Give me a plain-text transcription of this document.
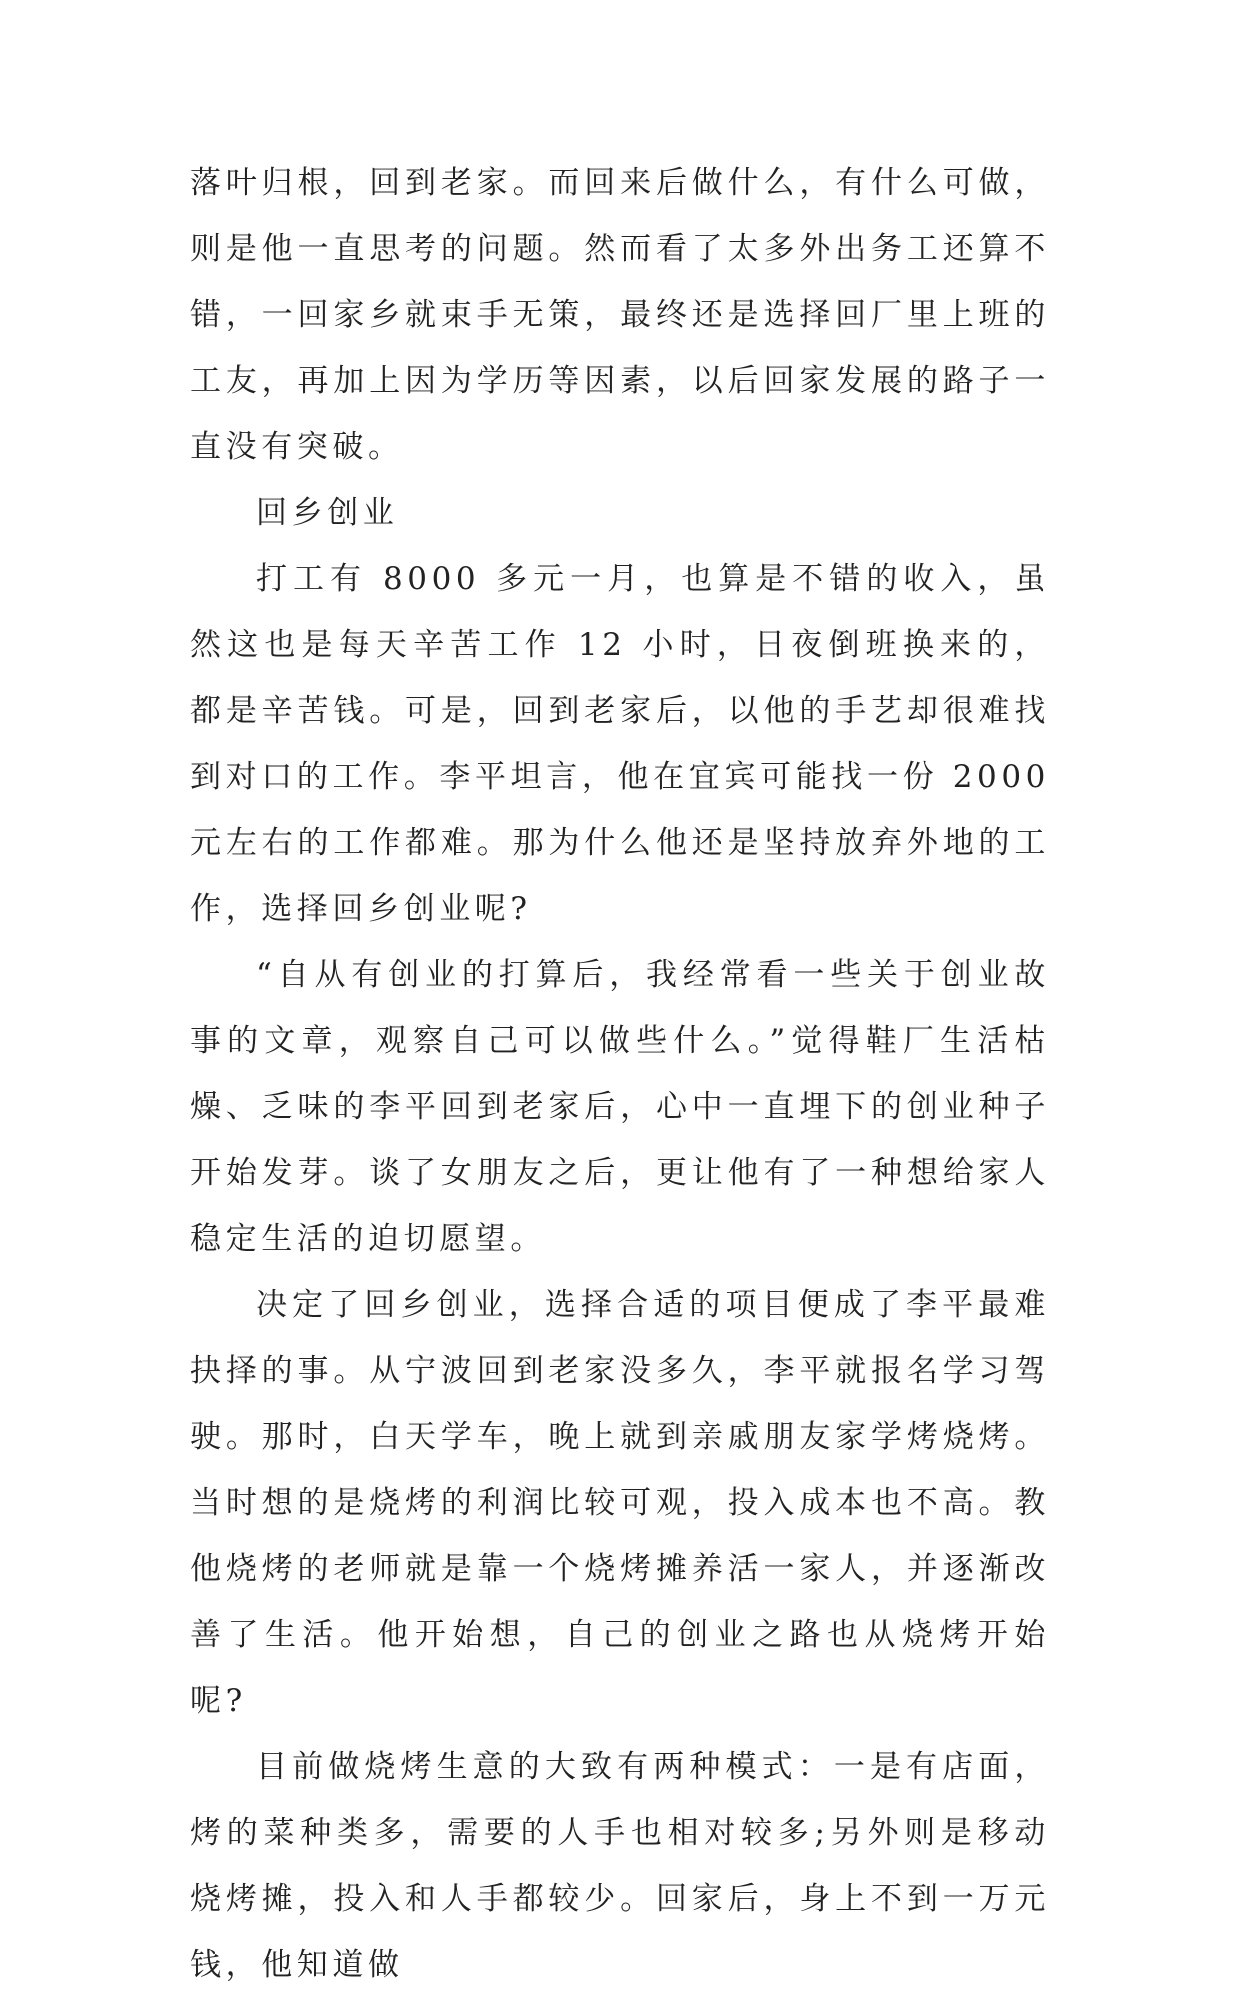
落叶归根，回到老家。而回来后做什么，有什么可做，则是他一直思考的问题。然而看了太多外出务工还算不错，一回家乡就束手无策，最终还是选择回厂里上班的工友，再加上因为学历等因素，以后回家发展的路子一直没有突破。

回乡创业

打工有 8000 多元一月，也算是不错的收入，虽然这也是每天辛苦工作 12 小时，日夜倒班换来的，都是辛苦钱。可是，回到老家后，以他的手艺却很难找到对口的工作。李平坦言，他在宜宾可能找一份 2000 元左右的工作都难。那为什么他还是坚持放弃外地的工作，选择回乡创业呢?

“自从有创业的打算后，我经常看一些关于创业故事的文章，观察自己可以做些什么。”觉得鞋厂生活枯燥、乏味的李平回到老家后，心中一直埋下的创业种子开始发芽。谈了女朋友之后，更让他有了一种想给家人稳定生活的迫切愿望。

决定了回乡创业，选择合适的项目便成了李平最难抉择的事。从宁波回到老家没多久，李平就报名学习驾驶。那时，白天学车，晚上就到亲戚朋友家学烤烧烤。当时想的是烧烤的利润比较可观，投入成本也不高。教他烧烤的老师就是靠一个烧烤摊养活一家人，并逐渐改善了生活。他开始想，自己的创业之路也从烧烤开始呢?

目前做烧烤生意的大致有两种模式：一是有店面，烤的菜种类多，需要的人手也相对较多;另外则是移动烧烤摊，投入和人手都较少。回家后，身上不到一万元钱，他知道做
